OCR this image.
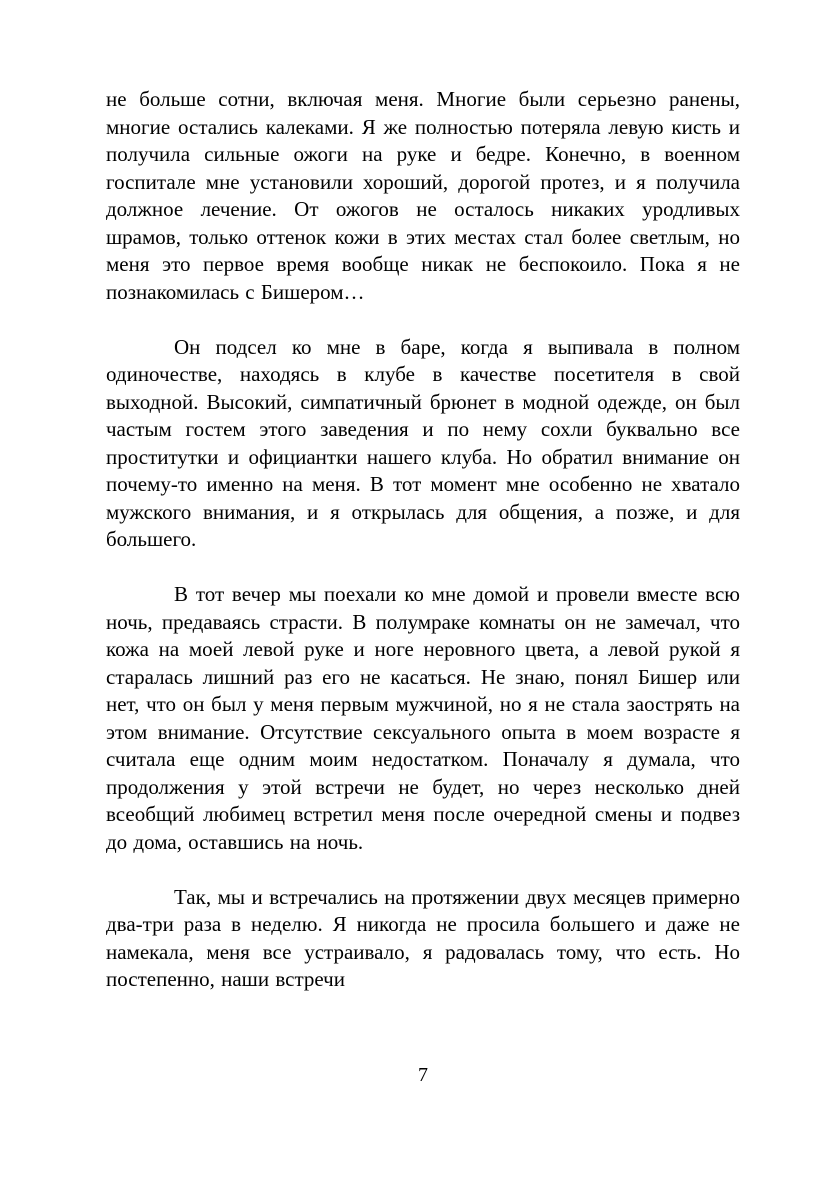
не больше сотни, включая меня. Многие были серьезно ранены, многие остались калеками. Я же полностью потеряла левую кисть и получила сильные ожоги на руке и бедре. Конечно, в военном госпитале мне установили хороший, дорогой протез, и я получила должное лечение. От ожогов не осталось никаких уродливых шрамов, только оттенок кожи в этих местах стал более светлым, но меня это первое время вообще никак не беспокоило. Пока я не познакомилась с Бишером…

Он подсел ко мне в баре, когда я выпивала в полном одиночестве, находясь в клубе в качестве посетителя в свой выходной. Высокий, симпатичный брюнет в модной одежде, он был частым гостем этого заведения и по нему сохли буквально все проститутки и официантки нашего клуба. Но обратил внимание он почему-то именно на меня. В тот момент мне особенно не хватало мужского внимания, и я открылась для общения, а позже, и для большего.

В тот вечер мы поехали ко мне домой и провели вместе всю ночь, предаваясь страсти. В полумраке комнаты он не замечал, что кожа на моей левой руке и ноге неровного цвета, а левой рукой я старалась лишний раз его не касаться. Не знаю, понял Бишер или нет, что он был у меня первым мужчиной, но я не стала заострять на этом внимание. Отсутствие сексуального опыта в моем возрасте я считала еще одним моим недостатком. Поначалу я думала, что продолжения у этой встречи не будет, но через несколько дней всеобщий любимец встретил меня после очередной смены и подвез до дома, оставшись на ночь.

Так, мы и встречались на протяжении двух месяцев примерно два-три раза в неделю. Я никогда не просила большего и даже не намекала, меня все устраивало, я радовалась тому, что есть. Но постепенно, наши встречи

7
